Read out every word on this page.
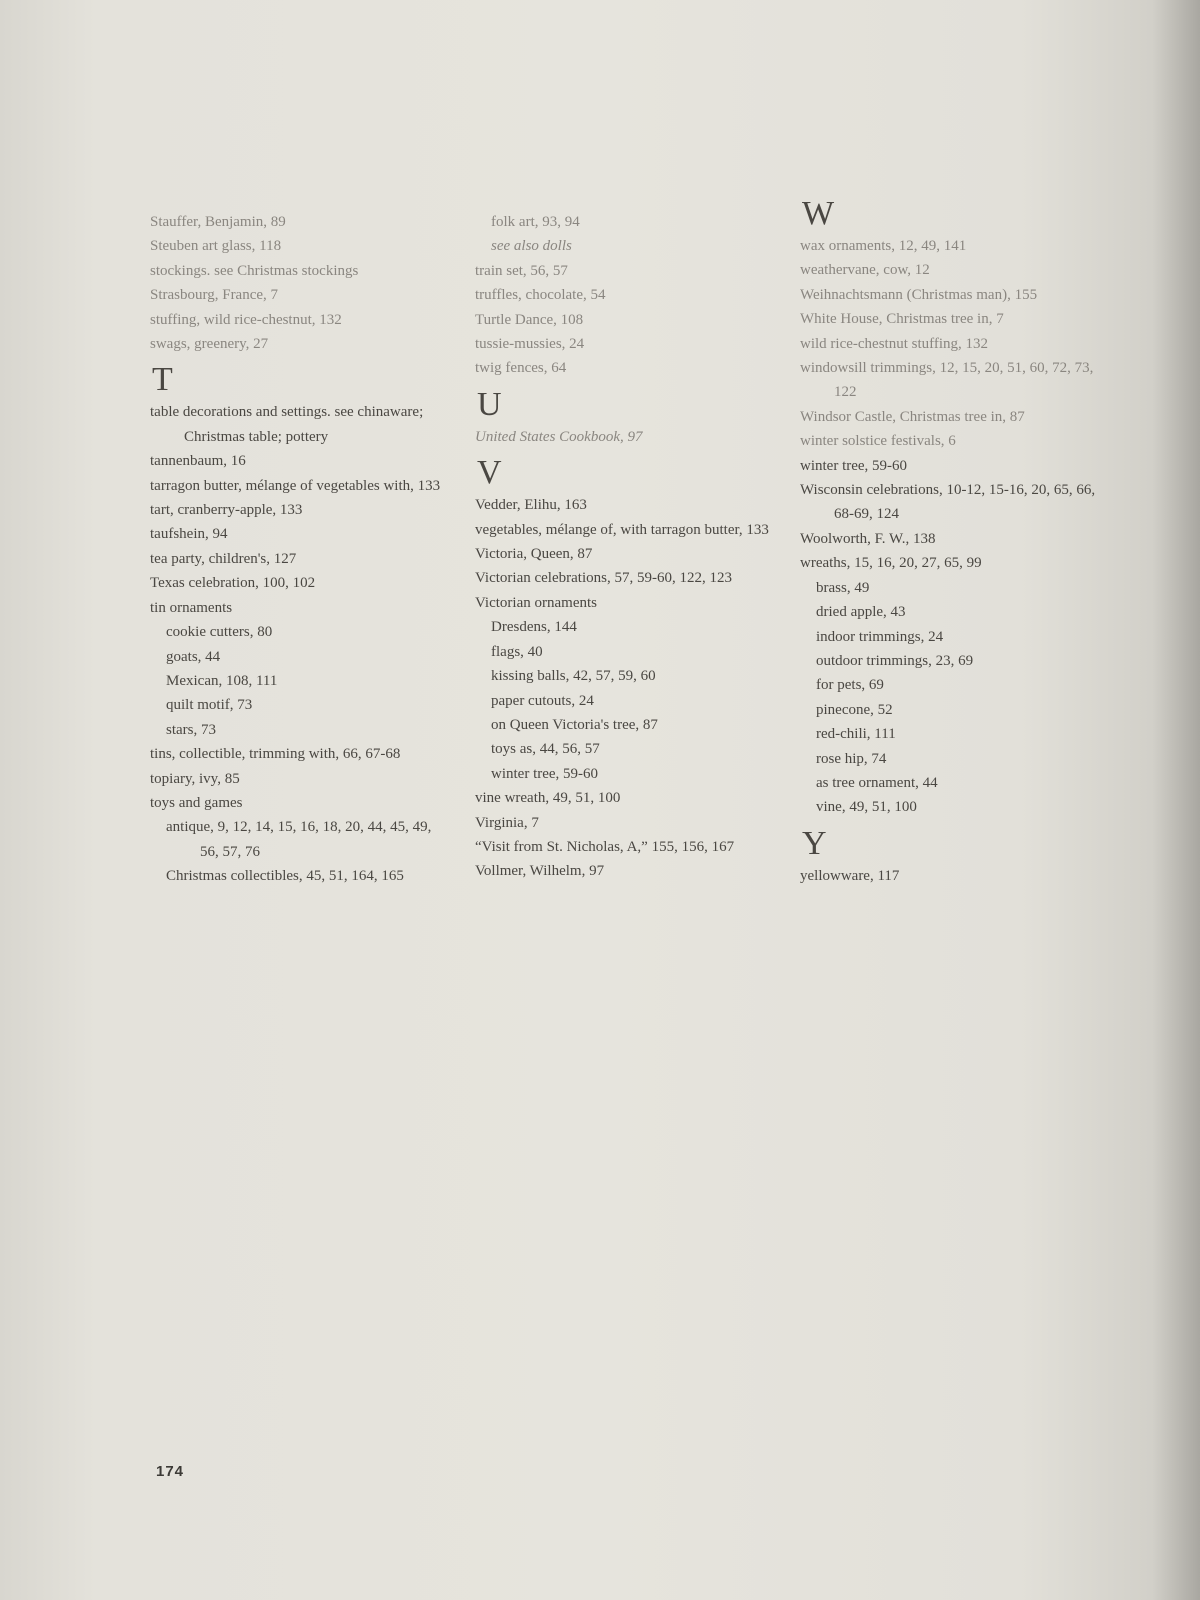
Stauffer, Benjamin, 89
Steuben art glass, 118
stockings. see Christmas stockings
Strasbourg, France, 7
stuffing, wild rice-chestnut, 132
swags, greenery, 27
T
table decorations and settings. see chinaware; Christmas table; pottery
tannenbaum, 16
tarragon butter, mélange of vegetables with, 133
tart, cranberry-apple, 133
taufshein, 94
tea party, children's, 127
Texas celebration, 100, 102
tin ornaments
cookie cutters, 80
goats, 44
Mexican, 108, 111
quilt motif, 73
stars, 73
tins, collectible, trimming with, 66, 67-68
topiary, ivy, 85
toys and games
antique, 9, 12, 14, 15, 16, 18, 20, 44, 45, 49, 56, 57, 76
Christmas collectibles, 45, 51, 164, 165
folk art, 93, 94
see also dolls
train set, 56, 57
truffles, chocolate, 54
Turtle Dance, 108
tussie-mussies, 24
twig fences, 64
U
United States Cookbook, 97
V
Vedder, Elihu, 163
vegetables, mélange of, with tarragon butter, 133
Victoria, Queen, 87
Victorian celebrations, 57, 59-60, 122, 123
Victorian ornaments
Dresdens, 144
flags, 40
kissing balls, 42, 57, 59, 60
paper cutouts, 24
on Queen Victoria's tree, 87
toys as, 44, 56, 57
winter tree, 59-60
vine wreath, 49, 51, 100
Virginia, 7
“Visit from St. Nicholas, A,” 155, 156, 167
Vollmer, Wilhelm, 97
W
wax ornaments, 12, 49, 141
weathervane, cow, 12
Weihnachtsmann (Christmas man), 155
White House, Christmas tree in, 7
wild rice-chestnut stuffing, 132
windowsill trimmings, 12, 15, 20, 51, 60, 72, 73, 122
Windsor Castle, Christmas tree in, 87
winter solstice festivals, 6
winter tree, 59-60
Wisconsin celebrations, 10-12, 15-16, 20, 65, 66, 68-69, 124
Woolworth, F. W., 138
wreaths, 15, 16, 20, 27, 65, 99
brass, 49
dried apple, 43
indoor trimmings, 24
outdoor trimmings, 23, 69
for pets, 69
pinecone, 52
red-chili, 111
rose hip, 74
as tree ornament, 44
vine, 49, 51, 100
Y
yellowware, 117
174
